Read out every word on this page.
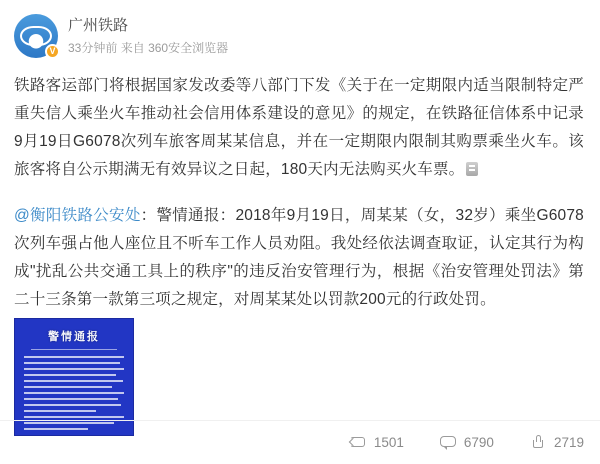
V
广州铁路
33分钟前 来自 360安全浏览器

铁路客运部门将根据国家发改委等八部门下发《关于在一定期限内适当限制特定严重失信人乘坐火车推动社会信用体系建设的意见》的规定，在铁路征信体系中记录9月19日G6078次列车旅客周某某信息，并在一定期限内限制其购票乘坐火车。该旅客将自公示期满无有效异议之日起，180天内无法购买火车票。

@衡阳铁路公安处：警情通报：2018年9月19日，周某某（女，32岁）乘坐G6078次列车强占他人座位且不听车工作人员劝阻。我处经依法调查取证，认定其行为构成"扰乱公共交通工具上的秩序"的违反治安管理行为，根据《治安管理处罚法》第二十三条第一款第三项之规定，对周某某处以罚款200元的行政处罚。

警情通报
1501	6790	2719
